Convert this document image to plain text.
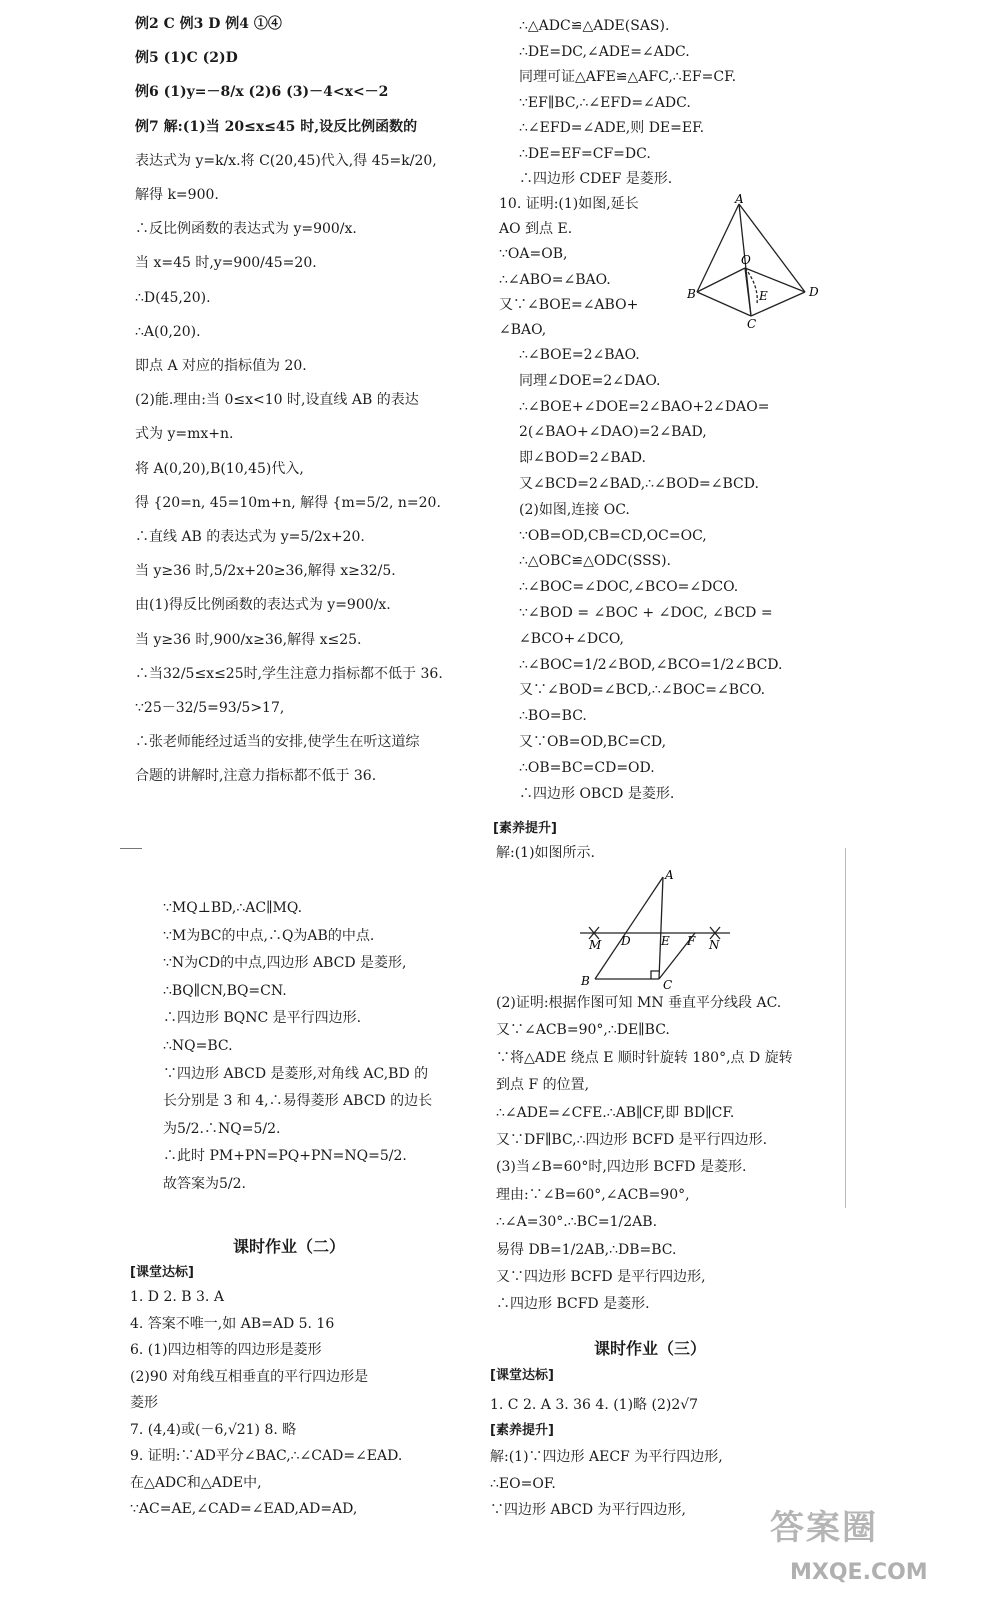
例2 C 例3 D 例4 ①④
例5 (1)C (2)D
例6 (1)y=－8/x (2)6 (3)－4<x<－2
例7 解:(1)当 20≤x≤45 时,设反比例函数的
表达式为 y=k/x.将 C(20,45)代入,得 45=k/20,
解得 k=900.
∴反比例函数的表达式为 y=900/x.
当 x=45 时,y=900/45=20.
∴D(45,20).
∴A(0,20).
即点 A 对应的指标值为 20.
(2)能.理由:当 0≤x<10 时,设直线 AB 的表达
式为 y=mx+n.
将 A(0,20),B(10,45)代入,
得 {20=n, 45=10m+n, 解得 {m=5/2, n=20.
∴直线 AB 的表达式为 y=5/2x+20.
当 y≥36 时,5/2x+20≥36,解得 x≥32/5.
由(1)得反比例函数的表达式为 y=900/x.
当 y≥36 时,900/x≥36,解得 x≤25.
∴当32/5≤x≤25时,学生注意力指标都不低于 36.
∵25－32/5=93/5>17,
∴张老师能经过适当的安排,使学生在听这道综
合题的讲解时,注意力指标都不低于 36.
∵MQ⊥BD,∴AC∥MQ.
∵M为BC的中点,∴Q为AB的中点.
∵N为CD的中点,四边形 ABCD 是菱形,
∴BQ∥CN,BQ=CN.
∴四边形 BQNC 是平行四边形.
∴NQ=BC.
∵四边形 ABCD 是菱形,对角线 AC,BD 的
长分别是 3 和 4,∴易得菱形 ABCD 的边长
为5/2.∴NQ=5/2.
∴此时 PM+PN=PQ+PN=NQ=5/2.
故答案为5/2.
课时作业（二）
[课堂达标]
1. D 2. B 3. A
4. 答案不唯一,如 AB=AD 5. 16
6. (1)四边相等的四边形是菱形
(2)90 对角线互相垂直的平行四边形是
菱形
7. (4,4)或(－6,√21) 8. 略
9. 证明:∵AD平分∠BAC,∴∠CAD=∠EAD.
在△ADC和△ADE中,
∵AC=AE,∠CAD=∠EAD,AD=AD,
∴△ADC≌△ADE(SAS).
∴DE=DC,∠ADE=∠ADC.
同理可证△AFE≌△AFC,∴EF=CF.
∵EF∥BC,∴∠EFD=∠ADC.
∴∠EFD=∠ADE,则 DE=EF.
∴DE=EF=CF=DC.
∴四边形 CDEF 是菱形.
10. 证明:(1)如图,延长
AO 到点 E.
∵OA=OB,
∴∠ABO=∠BAO.
又∵∠BOE=∠ABO+
∠BAO,
A
B
O
E	D
C
∴∠BOE=2∠BAO.
同理∠DOE=2∠DAO.
∴∠BOE+∠DOE=2∠BAO+2∠DAO=
2(∠BAO+∠DAO)=2∠BAD,
即∠BOD=2∠BAD.
又∠BCD=2∠BAD,∴∠BOD=∠BCD.
(2)如图,连接 OC.
∵OB=OD,CB=CD,OC=OC,
∴△OBC≌△ODC(SSS).
∴∠BOC=∠DOC,∠BCO=∠DCO.
∵∠BOD = ∠BOC + ∠DOC, ∠BCD =
∠BCO+∠DCO,
∴∠BOC=1/2∠BOD,∠BCO=1/2∠BCD.
又∵∠BOD=∠BCD,∴∠BOC=∠BCO.
∴BO=BC.
又∵OB=OD,BC=CD,
∴OB=BC=CD=OD.
∴四边形 OBCD 是菱形.
[素养提升]
解:(1)如图所示.
A
M D	E F N
B	C
(2)证明:根据作图可知 MN 垂直平分线段 AC.
又∵∠ACB=90°,∴DE∥BC.
∵将△ADE 绕点 E 顺时针旋转 180°,点 D 旋转
到点 F 的位置,
∴∠ADE=∠CFE.∴AB∥CF,即 BD∥CF.
又∵DF∥BC,∴四边形 BCFD 是平行四边形.
(3)当∠B=60°时,四边形 BCFD 是菱形.
理由:∵∠B=60°,∠ACB=90°,
∴∠A=30°.∴BC=1/2AB.
易得 DB=1/2AB,∴DB=BC.
又∵四边形 BCFD 是平行四边形,
∴四边形 BCFD 是菱形.
课时作业（三）
[课堂达标]
1. C 2. A 3. 36 4. (1)略 (2)2√7
[素养提升]
解:(1)∵四边形 AECF 为平行四边形,
∴EO=OF.
∵四边形 ABCD 为平行四边形, 答案圈
MXQE.COM
